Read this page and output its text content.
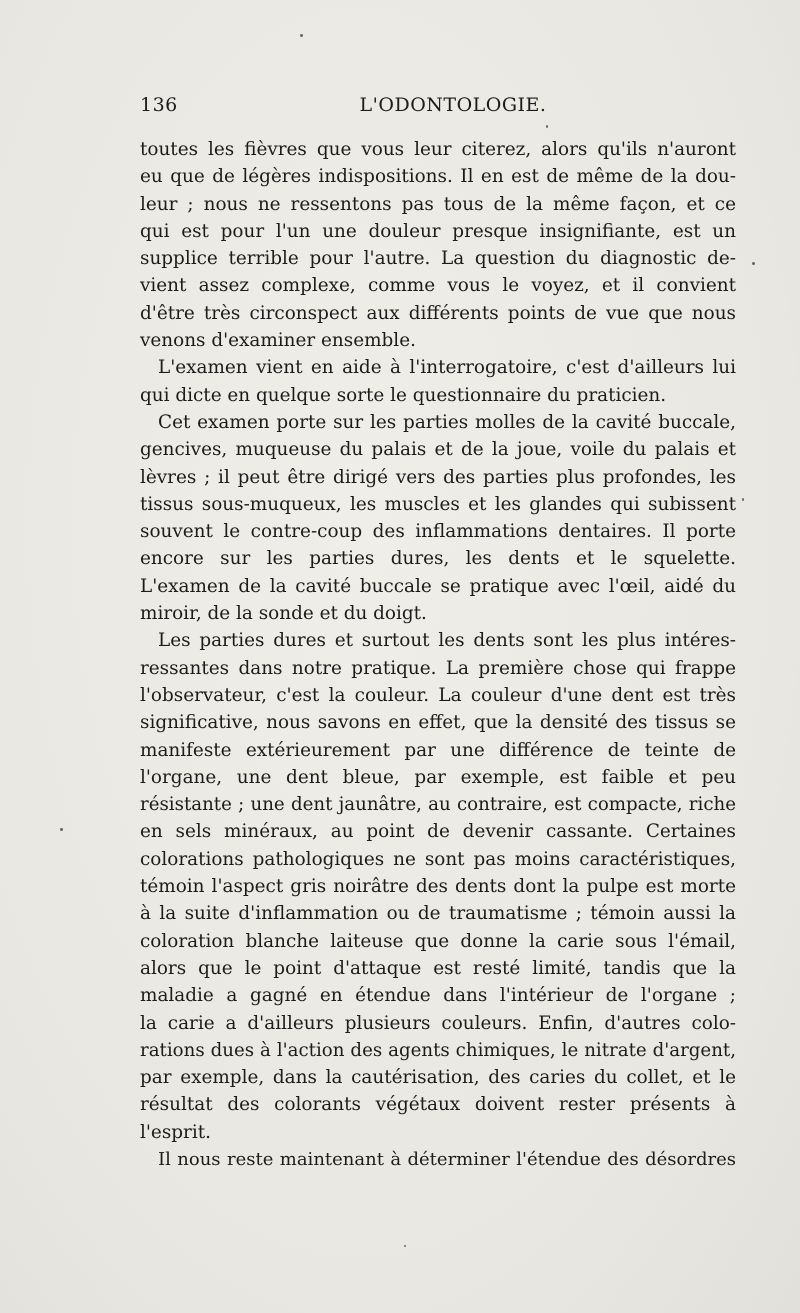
136	L'ODONTOLOGIE.
toutes les fièvres que vous leur citerez, alors qu'ils n'auront
eu que de légères indispositions. Il en est de même de la dou-
leur ; nous ne ressentons pas tous de la même façon, et ce
qui est pour l'un une douleur presque insignifiante, est un
supplice terrible pour l'autre. La question du diagnostic de-
vient assez complexe, comme vous le voyez, et il convient
d'être très circonspect aux différents points de vue que nous
venons d'examiner ensemble.
L'examen vient en aide à l'interrogatoire, c'est d'ailleurs lui
qui dicte en quelque sorte le questionnaire du praticien.
Cet examen porte sur les parties molles de la cavité buccale,
gencives, muqueuse du palais et de la joue, voile du palais et
lèvres ; il peut être dirigé vers des parties plus profondes, les
tissus sous-muqueux, les muscles et les glandes qui subissent
souvent le contre-coup des inflammations dentaires. Il porte
encore sur les parties dures, les dents et le squelette.
L'examen de la cavité buccale se pratique avec l'œil, aidé du
miroir, de la sonde et du doigt.
Les parties dures et surtout les dents sont les plus intéres-
ressantes dans notre pratique. La première chose qui frappe
l'observateur, c'est la couleur. La couleur d'une dent est très
significative, nous savons en effet, que la densité des tissus se
manifeste extérieurement par une différence de teinte de
l'organe, une dent bleue, par exemple, est faible et peu
résistante ; une dent jaunâtre, au contraire, est compacte, riche
en sels minéraux, au point de devenir cassante. Certaines
colorations pathologiques ne sont pas moins caractéristiques,
témoin l'aspect gris noirâtre des dents dont la pulpe est morte
à la suite d'inflammation ou de traumatisme ; témoin aussi la
coloration blanche laiteuse que donne la carie sous l'émail,
alors que le point d'attaque est resté limité, tandis que la
maladie a gagné en étendue dans l'intérieur de l'organe ;
la carie a d'ailleurs plusieurs couleurs. Enfin, d'autres colo-
rations dues à l'action des agents chimiques, le nitrate d'argent,
par exemple, dans la cautérisation, des caries du collet, et le
résultat des colorants végétaux doivent rester présents à
l'esprit.
Il nous reste maintenant à déterminer l'étendue des désordres
